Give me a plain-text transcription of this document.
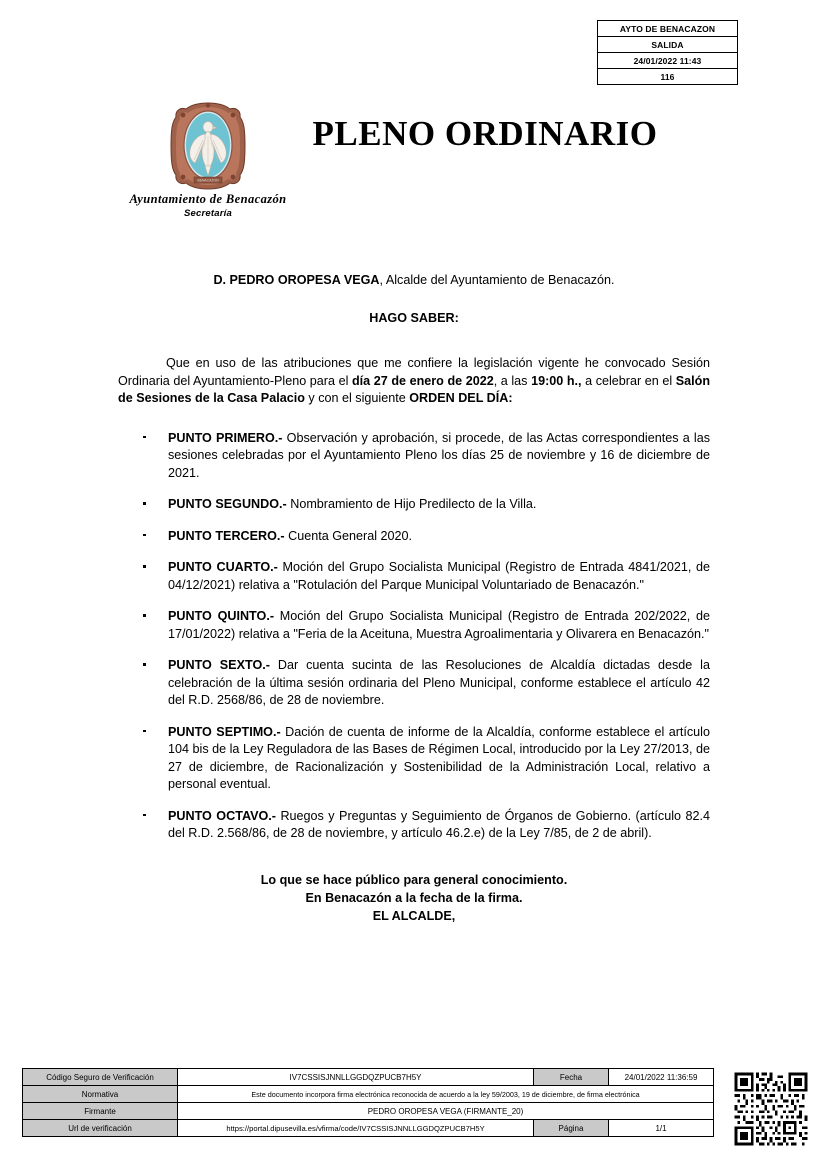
AYTO DE BENACAZON
SALIDA
24/01/2022 11:43
116
BENACAZON
Ayuntamiento de Benacazón
Secretaría
PLENO ORDINARIO
D. PEDRO OROPESA VEGA, Alcalde del Ayuntamiento de Benacazón.
HAGO SABER:
Que en uso de las atribuciones que me confiere la legislación vigente he convocado Sesión Ordinaria del Ayuntamiento-Pleno para el día 27 de enero de 2022, a las 19:00 h., a celebrar en el Salón de Sesiones de la Casa Palacio y con el siguiente ORDEN DEL DÍA:
PUNTO PRIMERO.- Observación y aprobación, si procede, de las Actas correspondientes a las sesiones celebradas por el Ayuntamiento Pleno los días 25 de noviembre y 16 de diciembre de 2021.
PUNTO SEGUNDO.- Nombramiento de Hijo Predilecto de la Villa.
PUNTO TERCERO.- Cuenta General 2020.
PUNTO CUARTO.- Moción del Grupo Socialista Municipal (Registro de Entrada 4841/2021, de 04/12/2021) relativa a "Rotulación del Parque Municipal Voluntariado de Benacazón."
PUNTO QUINTO.- Moción del Grupo Socialista Municipal (Registro de Entrada 202/2022, de 17/01/2022) relativa a "Feria de la Aceituna, Muestra Agroalimentaria y Olivarera en Benacazón."
PUNTO SEXTO.- Dar cuenta sucinta de las Resoluciones de Alcaldía dictadas desde la celebración de la última sesión ordinaria del Pleno Municipal, conforme establece el artículo 42 del R.D. 2568/86, de 28 de noviembre.
PUNTO SEPTIMO.- Dación de cuenta de informe de la Alcaldía, conforme establece el artículo 104 bis de la Ley Reguladora de las Bases de Régimen Local, introducido por la Ley 27/2013, de 27 de diciembre, de Racionalización y Sostenibilidad de la Administración Local, relativo a personal eventual.
PUNTO OCTAVO.- Ruegos y Preguntas y Seguimiento de Órganos de Gobierno. (artículo 82.4 del R.D. 2.568/86, de 28 de noviembre, y artículo 46.2.e) de la Ley 7/85, de 2 de abril).
Lo que se hace público para general conocimiento.
En Benacazón a la fecha de la firma.
EL ALCALDE,
Código Seguro de Verificación	IV7CSSISJNNLLGGDQZPUCB7H5Y	Fecha	24/01/2022 11:36:59
Normativa	Este documento incorpora firma electrónica reconocida de acuerdo a la ley 59/2003, 19 de diciembre, de firma electrónica		
Firmante	PEDRO OROPESA VEGA (FIRMANTE_20)		
Url de verificación	https://portal.dipusevilla.es/vfirma/code/IV7CSSISJNNLLGGDQZPUCB7H5Y	Página	1/1
